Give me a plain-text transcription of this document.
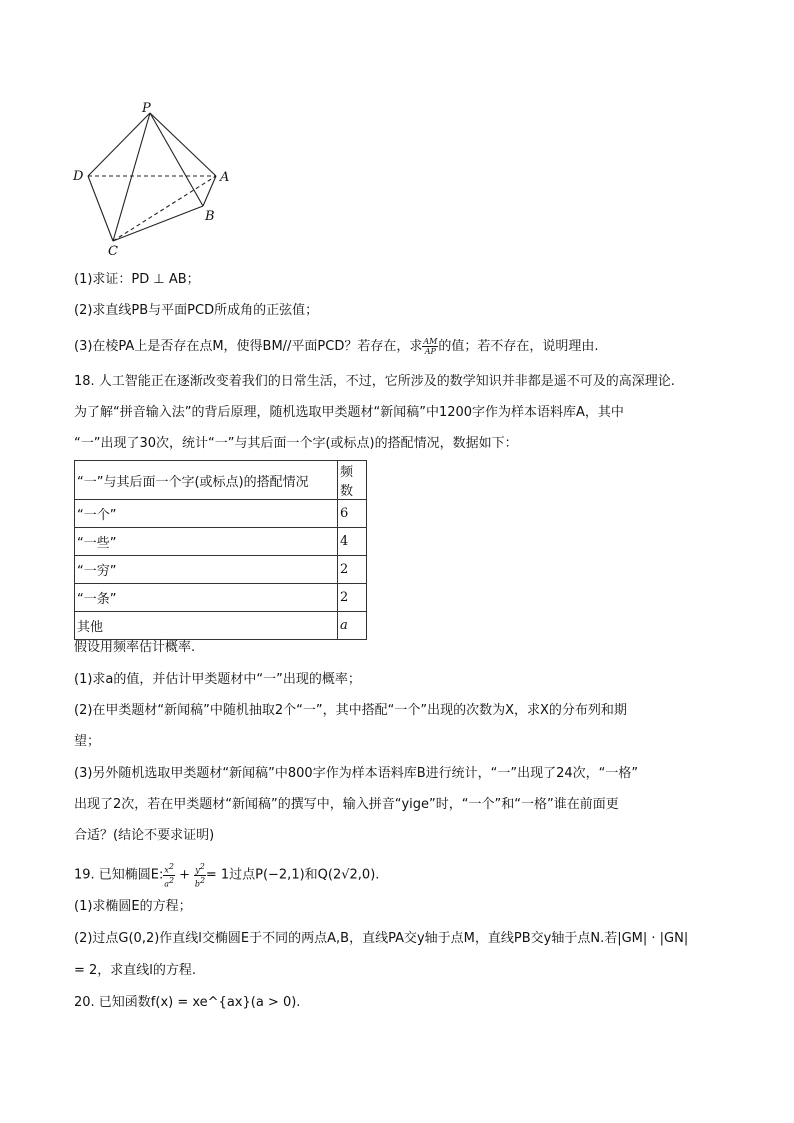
P
D	A
B
C
(1)求证：PD ⊥ AB；
(2)求直线PB与平面PCD所成角的正弦值；
(3)在棱PA上是否存在点M，使得BM//平面PCD？若存在，求 $\frac{AM}{AP}$ 的值；若不存在，说明理由.
18. 人工智能正在逐渐改变着我们的日常生活，不过，它所涉及的数学知识并非都是遥不可及的高深理论.
为了解“拼音输入法”的背后原理，随机选取甲类题材“新闻稿”中1200字作为样本语料库A，其中
“一”出现了30次，统计“一”与其后面一个字(或标点)的搭配情况，数据如下：
“一”与其后面一个字(或标点)的搭配情况	频数
“一个”	6
“一些”	4
“一穷”	2
“一条”	2
其他	a
假设用频率估计概率.
(1)求a的值，并估计甲类题材中“一”出现的概率；
(2)在甲类题材“新闻稿”中随机抽取2个“一”，其中搭配“一个”出现的次数为X，求X的分布列和期
望；
(3)另外随机选取甲类题材“新闻稿”中800字作为样本语料库B进行统计，“一”出现了24次，“一格”
出现了2次，若在甲类题材“新闻稿”的撰写中，输入拼音“yige”时，“一个”和“一格”谁在前面更
合适？(结论不要求证明)
19. 已知椭圆E: $\frac{x^2}{a^2} + \frac{y^2}{b^2} = 1$过点P(−2,1)和Q(2√2,0).
(1)求椭圆E的方程；
(2)过点G(0,2)作直线l交椭圆E于不同的两点A,B，直线PA交y轴于点M，直线PB交y轴于点N.若|GM| · |GN|
= 2，求直线l的方程.
20. 已知函数f(x) = xe^{ax}(a > 0).
